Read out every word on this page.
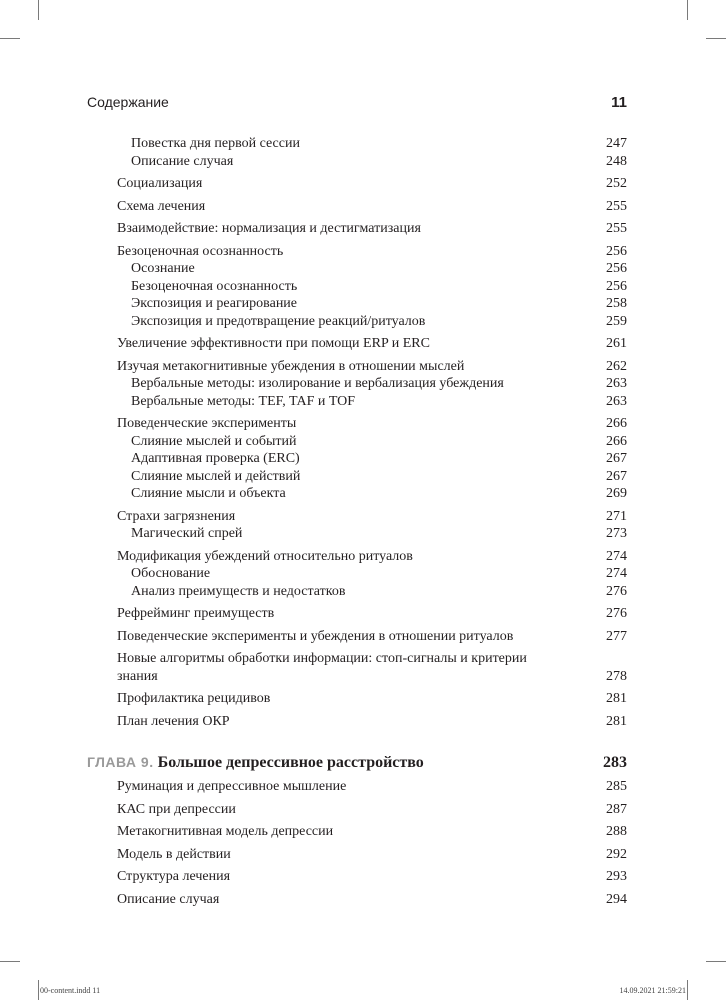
Содержание	11
Повестка дня первой сессии	247
Описание случая	248
Социализация	252
Схема лечения	255
Взаимодействие: нормализация и дестигматизация	255
Безоценочная осознанность	256
Осознание	256
Безоценочная осознанность	256
Экспозиция и реагирование	258
Экспозиция и предотвращение реакций/ритуалов	259
Увеличение эффективности при помощи ERP и ERC	261
Изучая метакогнитивные убеждения в отношении мыслей	262
Вербальные методы: изолирование и вербализация убеждения	263
Вербальные методы: TEF, TAF и TOF	263
Поведенческие эксперименты	266
Слияние мыслей и событий	266
Адаптивная проверка (ERC)	267
Слияние мыслей и действий	267
Слияние мысли и объекта	269
Страхи загрязнения	271
Магический спрей	273
Модификация убеждений относительно ритуалов	274
Обоснование	274
Анализ преимуществ и недостатков	276
Рефрейминг преимуществ	276
Поведенческие эксперименты и убеждения в отношении ритуалов	277
Новые алгоритмы обработки информации: стоп-сигналы и критерии знания	278
Профилактика рецидивов	281
План лечения ОКР	281
ГЛАВА 9. Большое депрессивное расстройство	283
Руминация и депрессивное мышление	285
КАС при депрессии	287
Метакогнитивная модель депрессии	288
Модель в действии	292
Структура лечения	293
Описание случая	294
00-content.indd 11	14.09.2021 21:59:21
